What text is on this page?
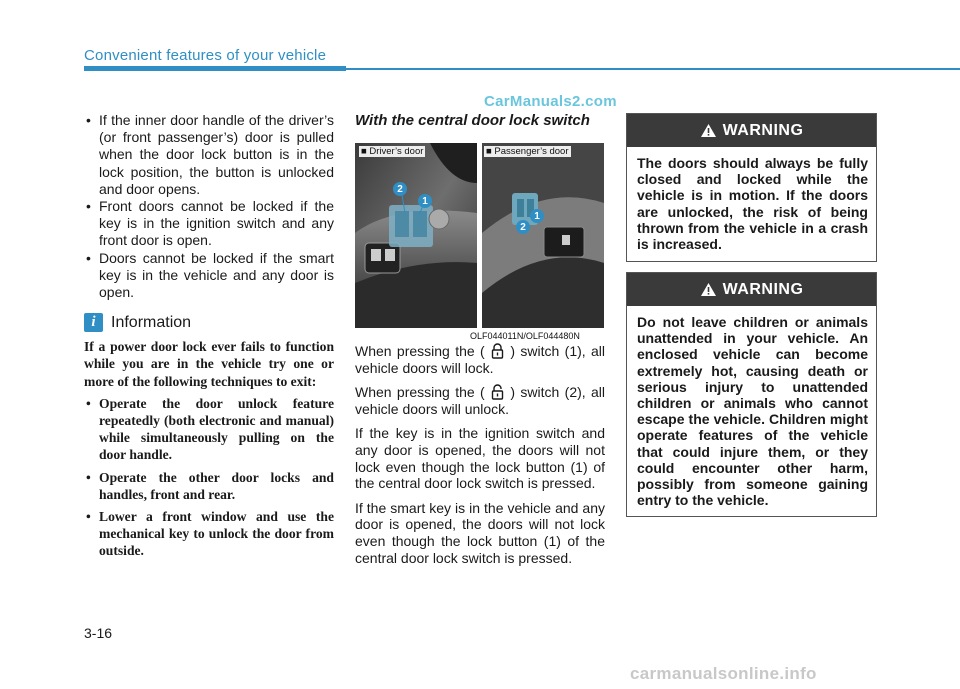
Convenient features of your vehicle
CarManuals2.com
• If the inner door handle of the driver’s (or front passenger’s) door is pulled when the door lock button is in the lock position, the button is unlocked and door opens.
• Front doors cannot be locked if the key is in the ignition switch and any front door is open.
• Doors cannot be locked if the smart key is in the vehicle and any door is open.
i Information

If a power door lock ever fails to function while you are in the vehicle try one or more of the following techniques to exit:

• Operate the door unlock feature repeatedly (both electronic and manual) while simultaneously pulling on the door handle.
• Operate the other door locks and handles, front and rear.
• Lower a front window and use the mechanical key to unlock the door from outside.
With the central door lock switch
■ Driver’s door
2
1
■ Passenger’s door
2
1
OLF044011N/OLF044480N

When pressing the ( ) switch (1), all vehicle doors will lock.

When pressing the ( ) switch (2), all vehicle doors will unlock.

If the key is in the ignition switch and any door is opened, the doors will not lock even though the lock button (1) of the central door lock switch is pressed.

If the smart key is in the vehicle and any door is opened, the doors will not lock even though the lock button (1) of the central door lock switch is pressed.

WARNING
The doors should always be fully closed and locked while the vehicle is in motion. If the doors are unlocked, the risk of being thrown from the vehicle in a crash is increased.
WARNING
Do not leave children or animals unattended in your vehicle. An enclosed vehicle can become extremely hot, causing death or serious injury to unattended children or animals who cannot escape the vehicle. Children might operate features of the vehicle that could injure them, or they could encounter other harm, possibly from someone gaining entry to the vehicle.
3-16
carmanualsonline.info
